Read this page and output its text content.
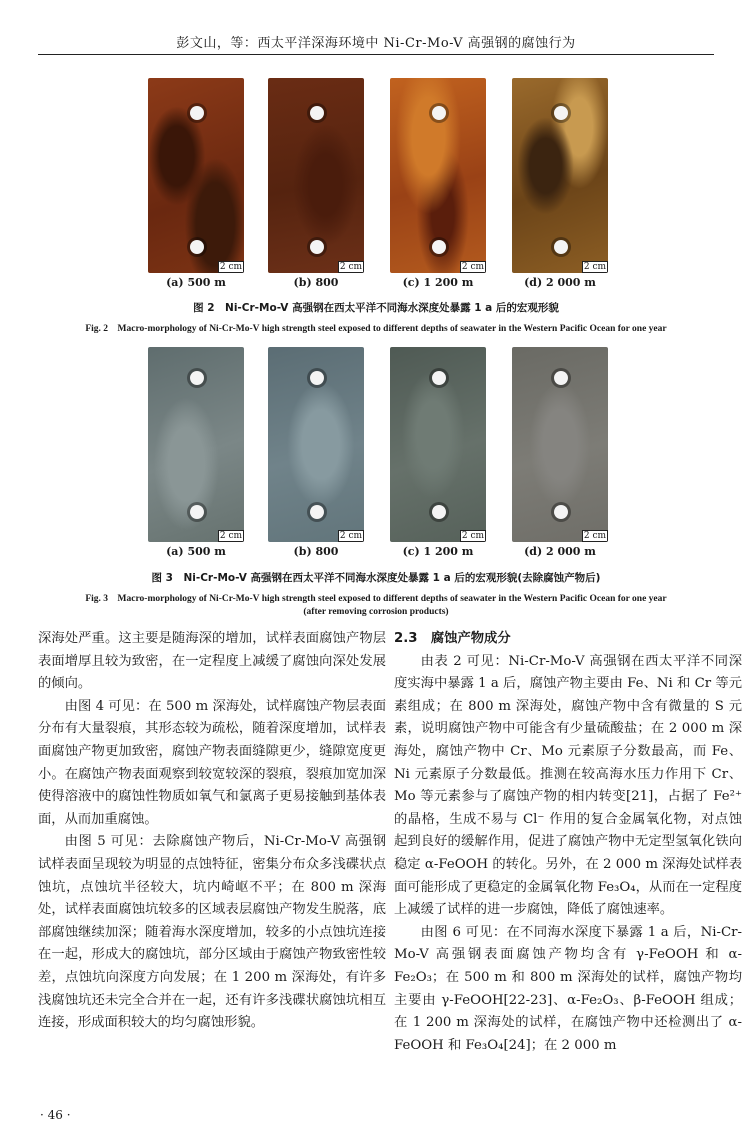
彭文山，等：西太平洋深海环境中 Ni-Cr-Mo-V 高强钢的腐蚀行为
2 cm	2 cm	2 cm	2 cm
(a) 500 m	(b) 800	(c) 1 200 m	(d) 2 000 m
图 2　Ni-Cr-Mo-V 高强钢在西太平洋不同海水深度处暴露 1 a 后的宏观形貌
Fig. 2　Macro-morphology of Ni-Cr-Mo-V high strength steel exposed to different depths of seawater in the Western Pacific Ocean for one year
2 cm	2 cm	2 cm	2 cm
(a) 500 m	(b) 800	(c) 1 200 m	(d) 2 000 m
图 3　Ni-Cr-Mo-V 高强钢在西太平洋不同海水深度处暴露 1 a 后的宏观形貌(去除腐蚀产物后)
Fig. 3　Macro-morphology of Ni-Cr-Mo-V high strength steel exposed to different depths of seawater in the Western Pacific Ocean for one year
(after removing corrosion products)

深海处严重。这主要是随海深的增加，试样表面腐蚀产物层表面增厚且较为致密，在一定程度上减缓了腐蚀向深处发展的倾向。

由图 4 可见：在 500 m 深海处，试样腐蚀产物层表面分布有大量裂痕，其形态较为疏松，随着深度增加，试样表面腐蚀产物更加致密，腐蚀产物表面缝隙更少，缝隙宽度更小。在腐蚀产物表面观察到较宽较深的裂痕，裂痕加宽加深使得溶液中的腐蚀性物质如氧气和氯离子更易接触到基体表面，从而加重腐蚀。

由图 5 可见：去除腐蚀产物后，Ni-Cr-Mo-V 高强钢试样表面呈现较为明显的点蚀特征，密集分布众多浅碟状点蚀坑，点蚀坑半径较大，坑内崎岖不平；在 800 m 深海处，试样表面腐蚀坑较多的区域表层腐蚀产物发生脱落，底部腐蚀继续加深；随着海水深度增加，较多的小点蚀坑连接在一起，形成大的腐蚀坑，部分区域由于腐蚀产物致密性较差，点蚀坑向深度方向发展；在 1 200 m 深海处，有许多浅腐蚀坑还未完全合并在一起，还有许多浅碟状腐蚀坑相互连接，形成面积较大的均匀腐蚀形貌。

2.3　腐蚀产物成分

由表 2 可见：Ni-Cr-Mo-V 高强钢在西太平洋不同深度实海中暴露 1 a 后，腐蚀产物主要由 Fe、Ni 和 Cr 等元素组成；在 800 m 深海处，腐蚀产物中含有微量的 S 元素，说明腐蚀产物中可能含有少量硫酸盐；在 2 000 m 深海处，腐蚀产物中 Cr、Mo 元素原子分数最高，而 Fe、Ni 元素原子分数最低。推测在较高海水压力作用下 Cr、Mo 等元素参与了腐蚀产物的相内转变[21]，占据了 Fe²⁺ 的晶格，生成不易与 Cl⁻ 作用的复合金属氧化物，对点蚀起到良好的缓解作用，促进了腐蚀产物中无定型氢氧化铁向稳定 α-FeOOH 的转化。另外，在 2 000 m 深海处试样表面可能形成了更稳定的金属氧化物 Fe₃O₄，从而在一定程度上减缓了试样的进一步腐蚀，降低了腐蚀速率。

由图 6 可见：在不同海水深度下暴露 1 a 后，Ni-Cr-Mo-V 高强钢表面腐蚀产物均含有 γ-FeOOH 和 α-Fe₂O₃；在 500 m 和 800 m 深海处的试样，腐蚀产物均主要由 γ-FeOOH[22-23]、α-Fe₂O₃、β-FeOOH 组成；在 1 200 m 深海处的试样，在腐蚀产物中还检测出了 α-FeOOH 和 Fe₃O₄[24]；在 2 000 m

· 46 ·
